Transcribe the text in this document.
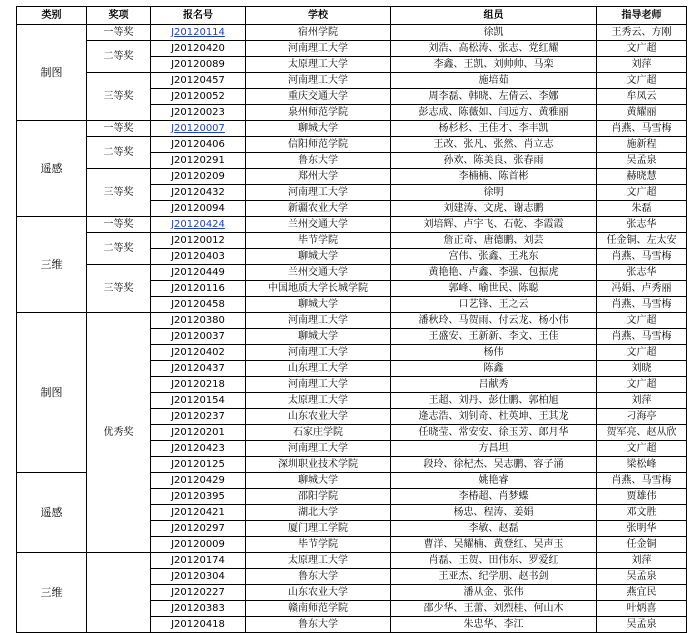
类别	奖项	报名号	学校	组员	指导老师
制图	一等奖	J20120114	宿州学院	徐凯	王秀云、方刚
	二等奖	J20120420	河南理工大学	刘浩、高松涛、张志、党红耀	文广超
		J20120089	太原理工大学	李鑫、王凯、刘帅帅、马栾	刘萍
	三等奖	J20120457	河南理工大学	施培茹	文广超
		J20120052	重庆交通大学	周李磊、韩晓、左倩云、李娜	牟凤云
		J20120023	泉州师范学院	彭志成、陈薇如、闫远方、黄雅丽	黄耀丽
遥感	一等奖	J20120007	聊城大学	杨杉杉、王佳才、李丰凯	肖燕、马雪梅
	二等奖	J20120406	信阳师范学院	王改、张凡、张然、肖立志	施新程
		J20120291	鲁东大学	孙欢、陈美良、张春雨	吴孟泉
	三等奖	J20120209	郑州大学	李楠楠、陈首彬	赫晓慧
		J20120432	河南理工大学	徐明	文广超
		J20120094	新疆农业大学	刘建涛、文虎、谢志鹏	朱磊
三维	一等奖	J20120424	兰州交通大学	刘培辉、卢宇飞、石乾、李霞霞	张志华
	二等奖	J20120012	毕节学院	詹正奇、唐德鹏、刘芸	任金铜、左太安
		J20120403	聊城大学	宫伟、张鑫、王兆东	肖燕、马雪梅
	三等奖	J20120449	兰州交通大学	黄艳艳、卢鑫、李强、包振虎	张志华
		J20120116	中国地质大学长城学院	郭峰、喻世民、陈聪	冯娟、卢秀丽
		J20120458	聊城大学	口艺锋、王之云	肖燕、马雪梅
制图	优秀奖	J20120380	河南理工大学	潘秋玲、马贺雨、付云龙、杨小伟	文广超
		J20120037	聊城大学	王盛安、王新新、李文、王佳	肖燕、马雪梅
		J20120402	河南理工大学	杨伟	文广超
		J20120437	山东理工大学	陈鑫	刘晓
		J20120218	河南理工大学	吕献秀	文广超
		J20120154	太原理工大学	王超、刘丹、彭仕鹏、郭柏旭	刘萍
		J20120237	山东农业大学	逄志浩、刘钊奇、杜英坤、王其龙	刁海亭
		J20120201	石家庄学院	任晓莹、常安安、徐玉芳、郎月华	贺军亮、赵从欣
		J20120423	河南理工大学	方昌坦	文广超
		J20120125	深圳职业技术学院	段玲、徐杞杰、吴志鹏、容子涌	梁松峰
遥感		J20120429	聊城大学	姚艳睿	肖燕、马雪梅
		J20120395	邵阳学院	李椿超、肖梦蝶	贾雄伟
		J20120421	湖北大学	杨忠、程涛、姜娟	邓文胜
		J20120297	厦门理工学院	李敏、赵磊	张明华
		J20120009	毕节学院	曹洋、吴耀楠、黄登红、吴声玉	任金铜
三维		J20120174	太原理工大学	肖磊、王贺、田伟东、罗爱红	刘萍
		J20120304	鲁东大学	王亚杰、纪学朋、赵书剑	吴孟泉
		J20120227	山东农业大学	潘从金、张伟	燕宜民
		J20120383	赣南师范学院	邵少华、王蕾、刘烈桂、何山木	叶炳喜
		J20120418	鲁东大学	朱忠华、李江	吴孟泉
